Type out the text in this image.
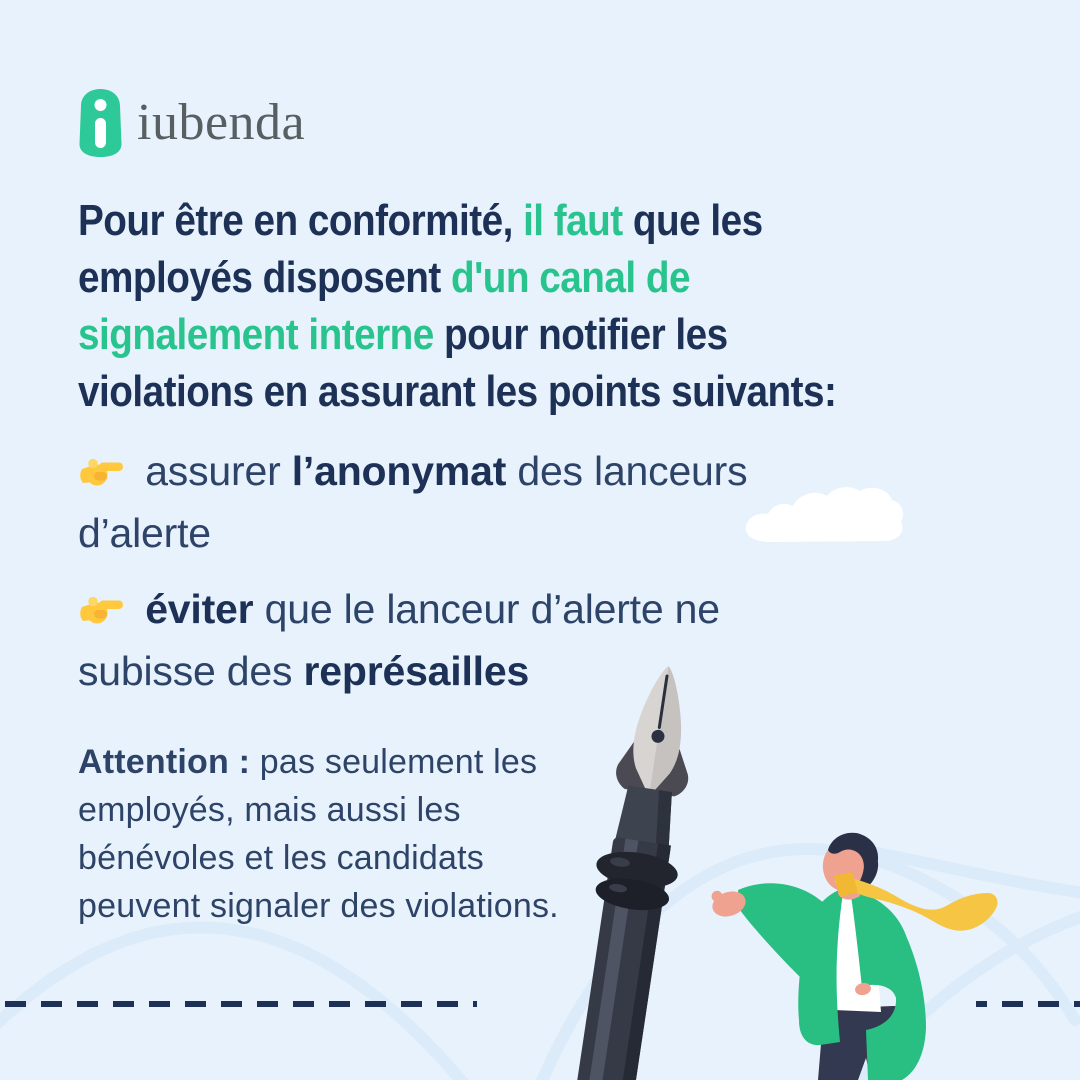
iubenda
Pour être en conformité, il faut que les
employés disposent d'un canal de
signalement interne pour notifier les
violations en assurant les points suivants:
assurer l’anonymat des lanceurs
d’alerte
éviter que le lanceur d’alerte ne
subisse des représailles
Attention : pas seulement les
employés, mais aussi les
bénévoles et les candidats
peuvent signaler des violations.
